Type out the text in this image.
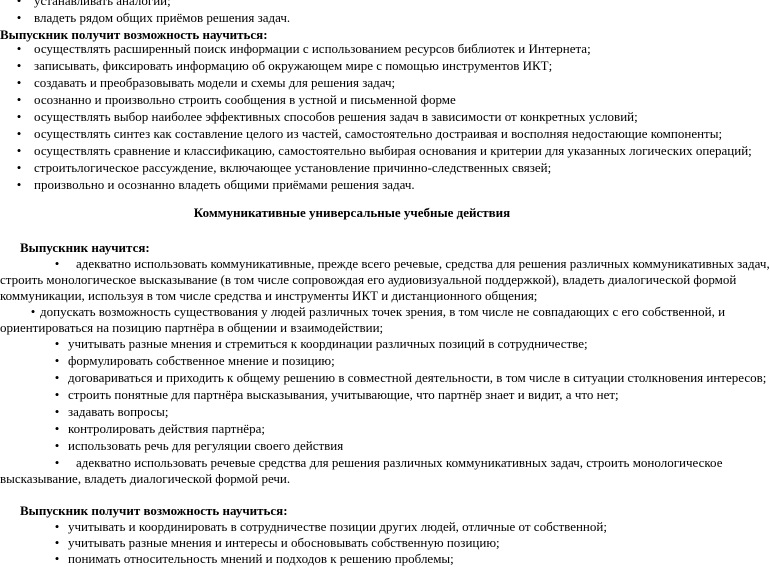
• устанавливать аналогии;
• владеть рядом общих приёмов решения задач.
Выпускник получит возможность научиться:
• осуществлять расширенный поиск информации с использованием ресурсов библиотек и Интернета;
• записывать, фиксировать информацию об окружающем мире с помощью инструментов ИКТ;
• создавать и преобразовывать модели и схемы для решения задач;
• осознанно и произвольно строить сообщения в устной и письменной форме
• осуществлять выбор наиболее эффективных способов решения задач в зависимости от конкретных условий;
• осуществлять синтез как составление целого из частей, самостоятельно достраивая и восполняя недостающие компоненты;
• осуществлять сравнение и классификацию, самостоятельно выбирая основания и критерии для указанных логических операций;
• строитьлогическое рассуждение, включающее установление причинно-следственных связей;
• произвольно и осознанно владеть общими приёмами решения задач.
Коммуникативные универсальные учебные действия
Выпускник научится:
• адекватно использовать коммуникативные, прежде всего речевые, средства для решения различных коммуникативных задач,
строить монологическое высказывание (в том числе сопровождая его аудиовизуальной поддержкой), владеть диалогической формой
коммуникации, используя в том числе средства и инструменты ИКТ и дистанционного общения;
• допускать возможность существования у людей различных точек зрения, в том числе не совпадающих с его собственной, и
ориентироваться на позицию партнёра в общении и взаимодействии;
• учитывать разные мнения и стремиться к координации различных позиций в сотрудничестве;
• формулировать собственное мнение и позицию;
• договариваться и приходить к общему решению в совместной деятельности, в том числе в ситуации столкновения интересов;
• строить понятные для партнёра высказывания, учитывающие, что партнёр знает и видит, а что нет;
• задавать вопросы;
• контролировать действия партнёра;
• использовать речь для регуляции своего действия
• адекватно использовать речевые средства для решения различных коммуникативных задач, строить монологическое
высказывание, владеть диалогической формой речи.
Выпускник получит возможность научиться:
• учитывать и координировать в сотрудничестве позиции других людей, отличные от собственной;
• учитывать разные мнения и интересы и обосновывать собственную позицию;
• понимать относительность мнений и подходов к решению проблемы;
